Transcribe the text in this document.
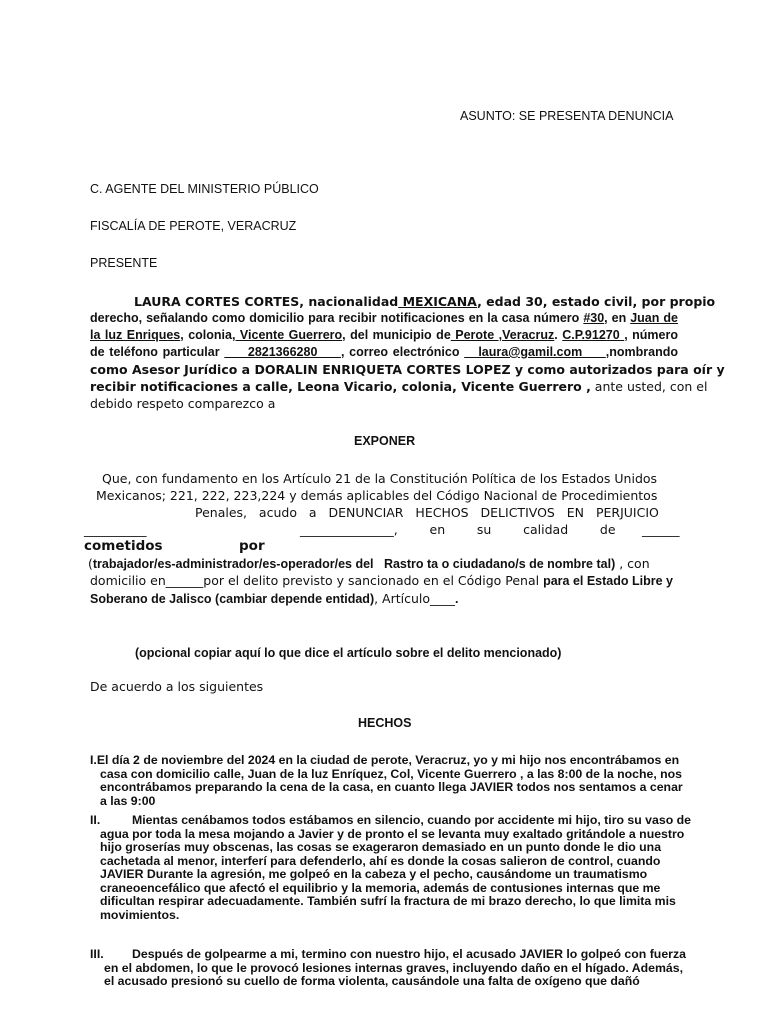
ASUNTO: SE PRESENTA DENUNCIA
C. AGENTE DEL MINISTERIO PÚBLICO
FISCALÍA DE PEROTE, VERACRUZ
PRESENTE
LAURA CORTES CORTES, nacionalidad MEXICANA, edad 30, estado civil, por propio
derecho, señalando como domicilio para recibir notificaciones en la casa número #30, en Juan de
la luz Enriques, colonia, Vicente Guerrero, del municipio de Perote ,Veracruz. C.P.91270 , número
de teléfono particular      2821366280     , correo electrónico    laura@gamil.com     ,nombrando
como Asesor Jurídico a DORALIN ENRIQUETA CORTES LOPEZ y como autorizados para oír y
recibir notificaciones a calle, Leona Vicario, colonia, Vicente Guerrero , ante usted, con el
debido respeto comparezco a
EXPONER
Que, con fundamento en los Artículo 21 de la Constitución Política de los Estados Unidos
Mexicanos; 221, 222, 223,224 y demás aplicables del Código Nacional de Procedimientos
Penales,   acudo   a   DENUNCIAR   HECHOS   DELICTIVOS   EN   PERJUICIO
__________	_______________,        en        su        calidad        de ______
cometidos	por
(trabajador/es-administrador/es-operador/es del   Rastro ta o ciudadano/s de nombre tal) , con
domicilio en______por el delito previsto y sancionado en el Código Penal para el Estado Libre y
Soberano de Jalisco (cambiar depende entidad), Artículo____.
(opcional copiar aquí lo que dice el artículo sobre el delito mencionado)
De acuerdo a los siguientes
HECHOS
I.El día 2 de noviembre del 2024 en la ciudad de perote, Veracruz, yo y mi hijo nos encontrábamos en
casa con domicilio calle, Juan de la luz Enríquez, Col, Vicente Guerrero , a las 8:00 de la noche, nos
encontrábamos preparando la cena de la casa, en cuanto llega JAVIER todos nos sentamos a cenar
a las 9:00
II.	Mientas cenábamos todos estábamos en silencio, cuando por accidente mi hijo, tiro su vaso de
agua por toda la mesa mojando a Javier y de pronto el se levanta muy exaltado gritándole a nuestro
hijo groserías muy obscenas, las cosas se exageraron demasiado en un punto donde le dio una
cachetada al menor, interferí para defenderlo, ahí es donde la cosas salieron de control, cuando
JAVIER Durante la agresión, me golpeó en la cabeza y el pecho, causándome un traumatismo
craneoencefálico que afectó el equilibrio y la memoria, además de contusiones internas que me
dificultan respirar adecuadamente. También sufrí la fractura de mi brazo derecho, lo que limita mis
movimientos.
III. Después de golpearme a mi, termino con nuestro hijo, el acusado JAVIER lo golpeó con fuerza
en el abdomen, lo que le provocó lesiones internas graves, incluyendo daño en el hígado. Además,
el acusado presionó su cuello de forma violenta, causándole una falta de oxígeno que dañó
